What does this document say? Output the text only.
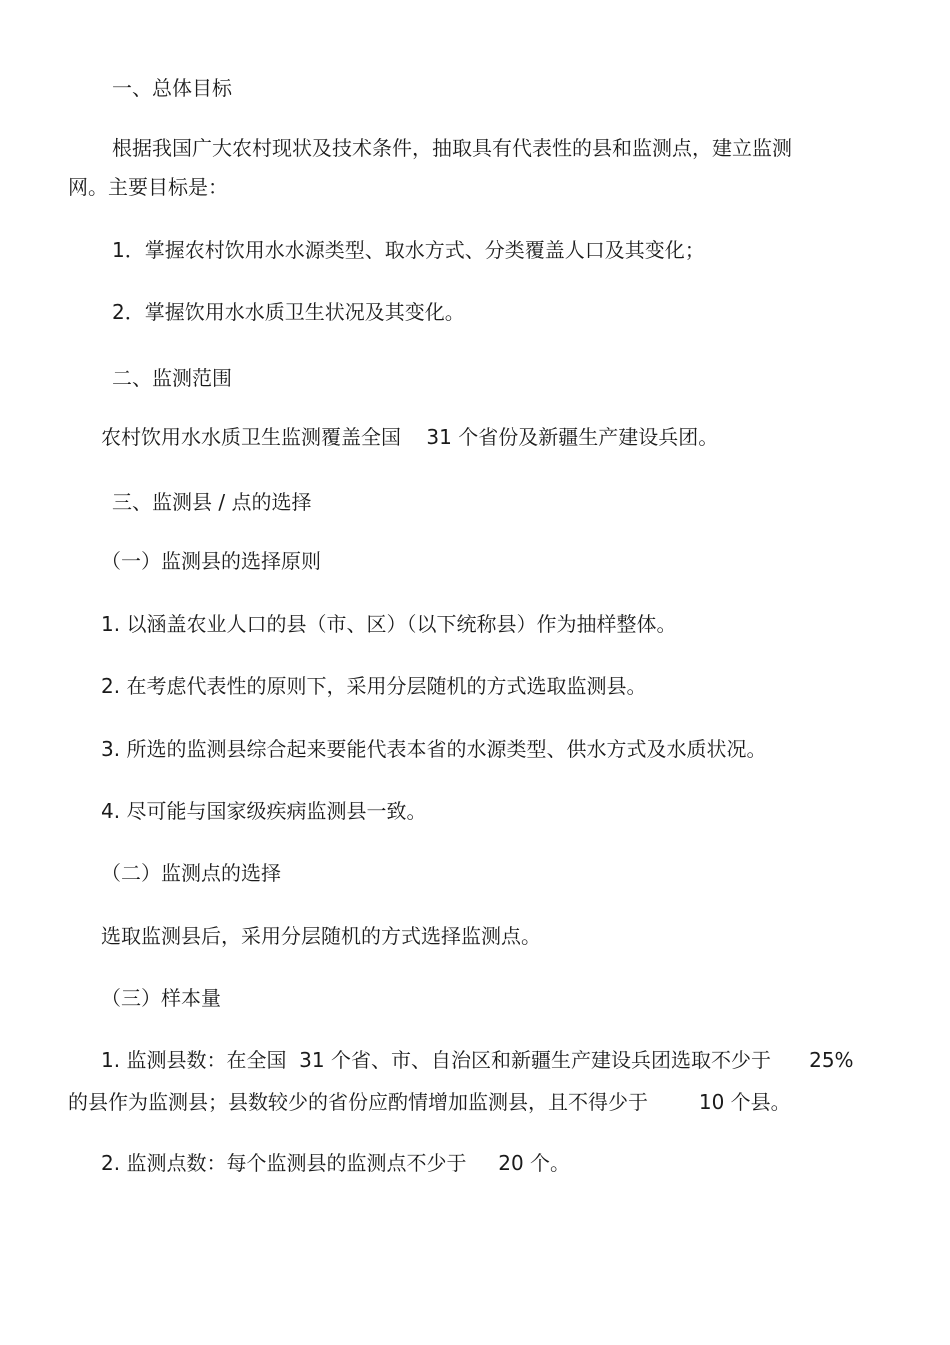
一、总体目标

根据我国广大农村现状及技术条件，抽取具有代表性的县和监测点，建立监测

网。主要目标是：

1．掌握农村饮用水水源类型、取水方式、分类覆盖人口及其变化；

2．掌握饮用水水质卫生状况及其变化。

二、监测范围

农村饮用水水质卫生监测覆盖全国    31 个省份及新疆生产建设兵团。

三、监测县 / 点的选择

（一）监测县的选择原则

1. 以涵盖农业人口的县（市、区）（以下统称县）作为抽样整体。

2. 在考虑代表性的原则下，采用分层随机的方式选取监测县。

3. 所选的监测县综合起来要能代表本省的水源类型、供水方式及水质状况。

4. 尽可能与国家级疾病监测县一致。

（二）监测点的选择

选取监测县后，采用分层随机的方式选择监测点。

（三）样本量

1. 监测县数：在全国  31 个省、市、自治区和新疆生产建设兵团选取不少于      25%

的县作为监测县；县数较少的省份应酌情增加监测县，且不得少于        10 个县。

2. 监测点数：每个监测县的监测点不少于     20 个。
